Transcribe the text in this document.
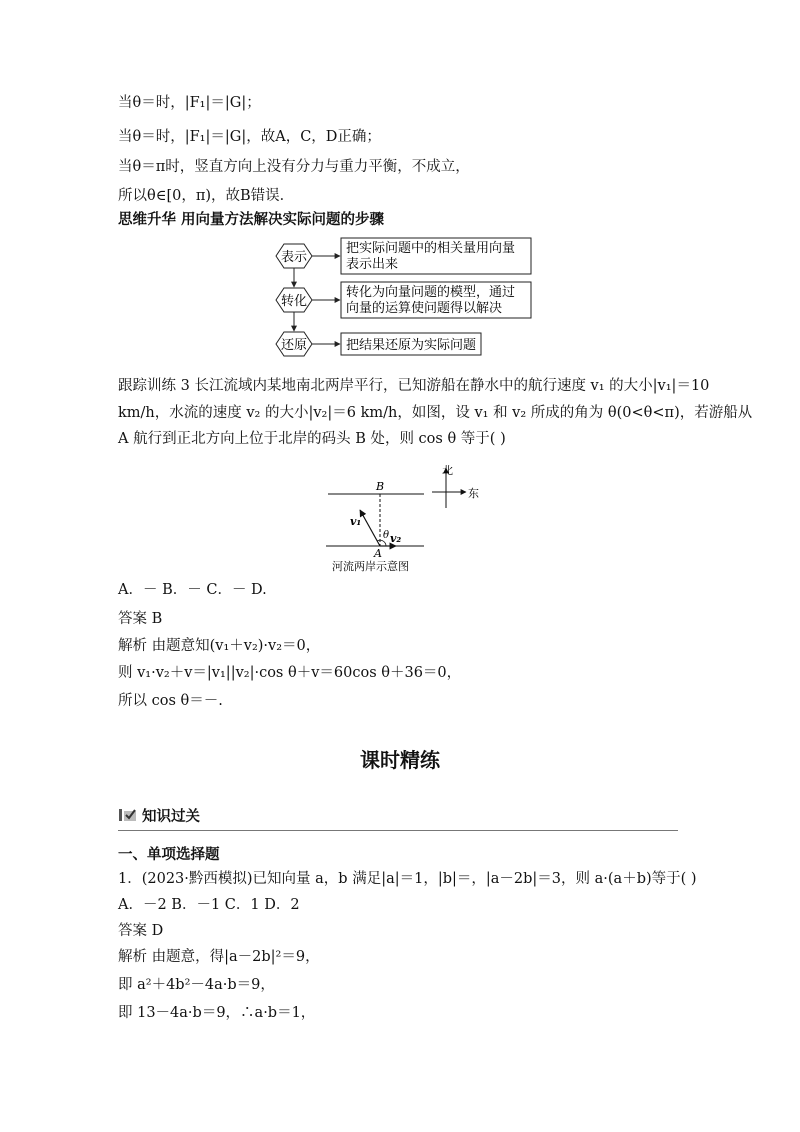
当θ＝时，|F₁|＝|G|；
当θ＝时，|F₁|＝|G|，故A，C，D正确；
当θ＝π时，竖直方向上没有分力与重力平衡，不成立，
所以θ∈[0，π)，故B错误．
思维升华 用向量方法解决实际问题的步骤
表示
转化
还原
把实际问题中的相关量用向量
表示出来
转化为向量问题的模型，通过
向量的运算使问题得以解决
把结果还原为实际问题
跟踪训练 3 长江流域内某地南北两岸平行，已知游船在静水中的航行速度 v₁ 的大小|v₁|＝10
km/h，水流的速度 v₂ 的大小|v₂|＝6 km/h，如图，设 v₁ 和 v₂ 所成的角为 θ(0<θ<π)，若游船从
A 航行到正北方向上位于北岸的码头 B 处，则 cos θ 等于( )
B
A
v₁
θ v₂
北
东
河流两岸示意图
A．－ B．－ C．－ D.
答案 B
解析 由题意知(v₁＋v₂)·v₂＝0，
则 v₁·v₂＋v＝|v₁||v₂|·cos θ＋v＝60cos θ＋36＝0，
所以 cos θ＝－.
课时精练
知识过关
一、单项选择题
1．(2023·黔西模拟)已知向量 a，b 满足|a|＝1，|b|＝，|a－2b|＝3，则 a·(a＋b)等于( )
A．－2 B．－1 C．1 D．2
答案 D
解析 由题意，得|a－2b|²＝9，
即 a²＋4b²－4a·b＝9，
即 13－4a·b＝9，∴a·b＝1，
